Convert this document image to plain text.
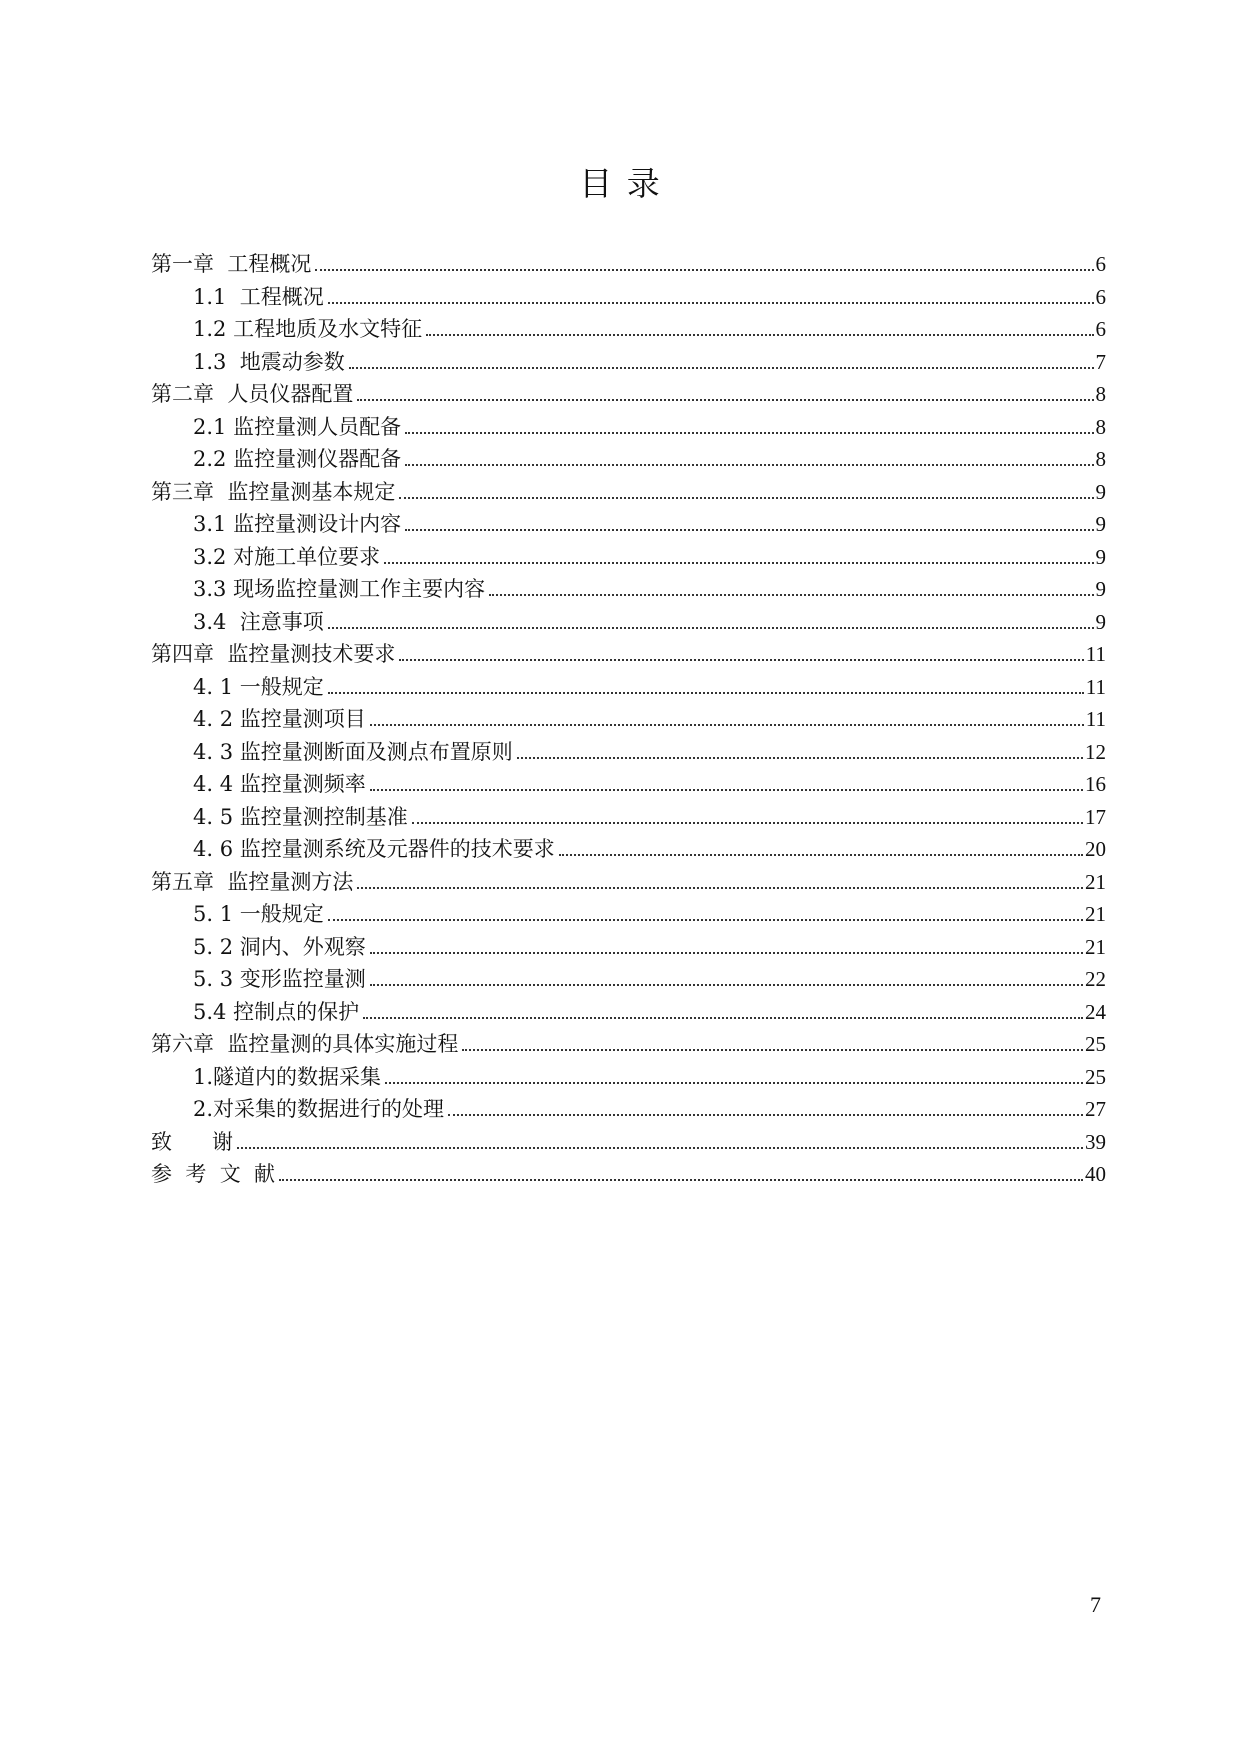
目 录
第一章  工程概况	6
1.1  工程概况	6
1.2 工程地质及水文特征	6
1.3  地震动参数	7
第二章  人员仪器配置	8
2.1 监控量测人员配备	8
2.2 监控量测仪器配备	8
第三章  监控量测基本规定	9
3.1 监控量测设计内容	9
3.2 对施工单位要求	9
3.3 现场监控量测工作主要内容	9
3.4  注意事项	9
第四章  监控量测技术要求	11
4. 1 一般规定	11
4. 2 监控量测项目	11
4. 3 监控量测断面及测点布置原则	12
4. 4 监控量测频率	16
4. 5 监控量测控制基准	17
4. 6 监控量测系统及元器件的技术要求	20
第五章  监控量测方法	21
5. 1 一般规定	21
5. 2 洞内、外观察	21
5. 3 变形监控量测	22
5.4 控制点的保护	24
第六章  监控量测的具体实施过程	25
1.隧道内的数据采集	25
2.对采集的数据进行的处理	27
致      谢	39
参  考  文  献	40
7
